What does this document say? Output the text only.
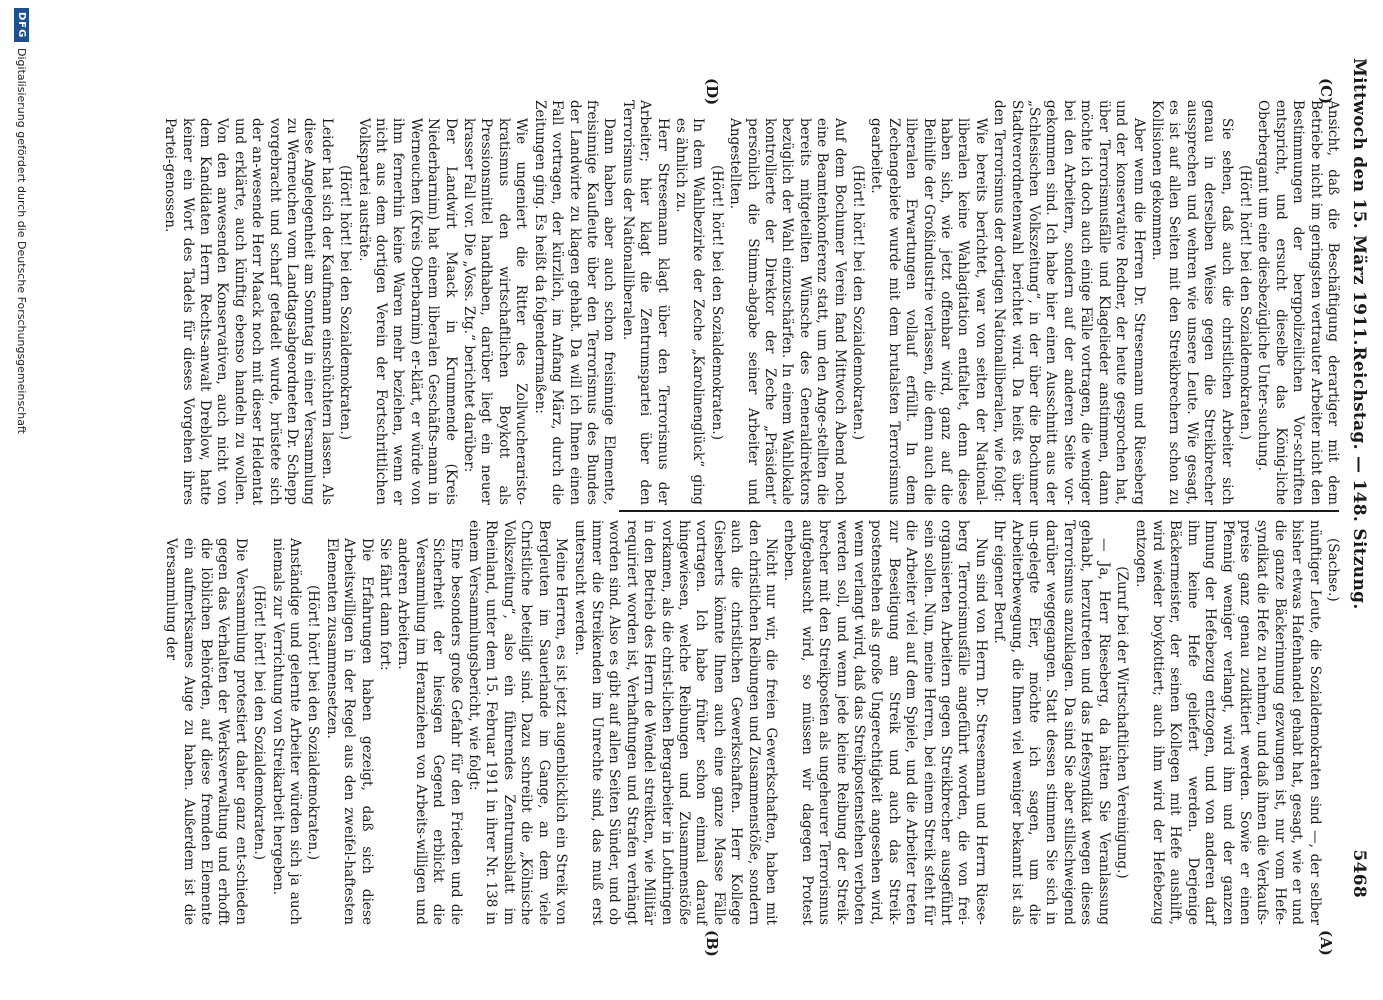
Mittwoch den 15. März 1911.
Reichstag. — 148. Sitzung.
5468
(A)
(B)
(C)
(D)

(Sachse.)

nünftiger Leute, die Sozialdemokraten sind —, der selber bisher etwas Hafenhandel gehabt hat, gesagt, wie er und die ganze Bäckerinnung gezwungen ist, nur vom Hefe-syndikat die Hefe zu nehmen, und daß ihnen die Verkaufs-preise ganz genau zudiktiert werden. Sowie er einen Pfennig weniger verlangt, wird ihm und der ganzen Innung der Hefebezug entzogen, und von anderen darf ihm keine Hefe geliefert werden. Derjenige Bäckermeister, der seinen Kollegen mit Hefe aushilft, wird wieder boykottiert; auch ihm wird der Hefebezug entzogen.

(Zuruf bei der Wirtschaftlichen Vereinigung.)

— Ja, Herr Rieseberg, da hätten Sie Veranlassung gehabt, herzutreten und das Hefesyndikat wegen dieses Terrorismus anzuklagen. Da sind Sie aber stillschweigend darüber weggegangen. Statt dessen stimmen Sie sich in un-gelegte Eier, möchte ich sagen, um die Arbeiterbewegung, die Ihnen viel weniger bekannt ist als Ihr eigener Beruf.

Nun sind von Herrn Dr. Stresemann und Herrn Riese-berg Terrorismusfälle angeführt worden, die von frei-organisierten Arbeitern gegen Streikbrecher ausgeführt sein sollen. Nun, meine Herren, bei einem Streik steht für die Arbeiter viel auf dem Spiele, und die Arbeiter treten zur Beseitigung am Streik und auch das Streik-postenstehen als große Ungerechtigkeit angesehen wird, wenn verlangt wird, daß das Streikpostenstehen verboten werden soll, und wenn jede kleine Reibung der Streik-brecher mit den Streikposten als ungeheurer Terrorismus aufgebauscht wird, so müssen wir dagegen Protest erheben.

Nicht nur wir, die freien Gewerkschaften, haben mit den christlichen Reibungen und Zusammenstöße, sondern auch die christlichen Gewerkschaften. Herr Kollege Giesberts könnte Ihnen auch eine ganze Masse Fälle vortragen. Ich habe früher schon einmal darauf hingewiesen, welche Reibungen und Zusammenstöße vorkamen, als die christ-lichen Bergarbeiter in Lothringen in den Betrieb des Herrn de Wendel streikten, wie Militär requiriert worden ist, Verhaftungen und Strafen verhängt worden sind. Also es gibt auf allen Seiten Sünder, und ob immer die Streikenden im Unrechte sind, das muß erst untersucht werden.

Meine Herren, es ist jetzt augenblicklich ein Streik von Bergleuten im Sauerlande im Gange, an dem viele Christliche beteiligt sind. Dazu schreibt die „Kölnische Volkszeitung“, also ein führendes Zentrumsblatt im Rheinland, unter dem 15. Februar 1911 in ihrer Nr. 138 in einem Versammlungsbericht, wie folgt:

Eine besonders große Gefahr für den Frieden und die Sicherheit der hiesigen Gegend erblickt die Versammlung im Heranziehen von Arbeits-willigen und anderen Arbeitern.

Sie fährt dann fort:

Die Erfahrungen haben gezeigt, daß sich diese Arbeitswilligen in der Regel aus den zweifel-haftesten Elementen zusammensetzen.

(Hört! hört! bei den Sozialdemokraten.)

Anständige und gelernte Arbeiter würden sich ja auch niemals zur Verrichtung von Streikarbeit hergeben.

(Hört! hört! bei den Sozialdemokraten.)

Die Versammlung protestiert daher ganz ent-schieden gegen das Verhalten der Werksverwaltung und erhofft die löblichen Behörden, auf diese fremden Elemente ein aufmerksames Auge zu haben. Außerdem ist die Versammlung der

Ansicht, daß die Beschäftigung derartiger mit dem Betriebe nicht im geringsten vertrauter Arbeiter nicht den Bestimmungen der bergpolizeilichen Vor-schriften entspricht, und ersucht dieselbe das König-liche Oberbergamt um eine diesbezügliche Unter-suchung.

(Hört! hört! bei den Sozialdemokraten.)

Sie sehen, daß auch die christlichen Arbeiter sich genau in derselben Weise gegen die Streikbrecher aussprechen und wehren wie unsere Leute. Wie gesagt, es ist auf allen Seiten mit den Streikbrechern schon zu Kollisionen gekommen.

Aber wenn die Herren Dr. Stresemann und Rieseberg und der konservative Redner, der heute gesprochen hat, über Terrorismusfälle und Klagelieder anstimmen, dann möchte ich doch auch einige Fälle vortragen, die weniger bei den Arbeitern, sondern auf der anderen Seite vor-gekommen sind. Ich habe hier einen Ausschnitt aus der „Schlesischen Volkszeitung“, in der über die Bochumer Stadtverordnetenwahl berichtet wird. Da heißt es über den Terrorismus der dortigen Nationalliberalen, wie folgt:

Wie bereits berichtet, war von seiten der National-liberalen keine Wahlagitation entfaltet, denn diese haben sich, wie jetzt offenbar wird, ganz auf die Beihilfe der Großindustrie verlassen, die denn auch die liberalen Erwartungen vollauf erfüllt. In dem Zechengebiete wurde mit dem brutalsten Terrorismus gearbeitet.

(Hört! hört! bei den Sozialdemokraten.)

Auf dem Bochumer Verein fand Mittwoch Abend noch eine Beamtenkonferenz statt, um den Ange-stellten die bereits mitgeteilten Wünsche des Generaldirektors bezüglich der Wahl einzuschärfen. In einem Wahllokale kontrollierte der Direktor der Zeche „Präsident“ persönlich die Stimm-abgabe seiner Arbeiter und Angestellten.

(Hört! hört! bei den Sozialdemokraten.)

In dem Wahlbezirke der Zeche „Karolinenglück“ ging es ähnlich zu.

Herr Stresemann klagt über den Terrorismus der Arbeiter; hier klagt die Zentrumspartei über den Terrorismus der Nationalliberalen.

Dann haben aber auch schon freisinnige Elemente, freisinnige Kaufleute über den Terrorismus des Bundes der Landwirte zu klagen gehabt. Da will ich Ihnen einen Fall vortragen, der kürzlich, im Anfang März, durch die Zeitungen ging. Es heißt da folgendermaßen:

Wie ungeniert die Ritter des Zollwucheraristo-kratismus den wirtschaftlichen Boykott als Pressionsmittel handhaben, darüber liegt ein neuer krasser Fall vor. Die „Voss. Ztg.“ berichtet darüber:

Der Landwirt Maack in Krummende (Kreis Niederbarnim) hat einem liberalen Geschäfts-mann in Werneuchen (Kreis Oberbarnim) er-klärt, er würde von ihm fernerhin keine Waren mehr beziehen, wenn er nicht aus dem dortigen Verein der Fortschrittlichen Volkspartei austräte.

(Hört! hört! bei den Sozialdemokraten.)

Leider hat sich der Kaufmann einschüchtern lassen. Als diese Angelegenheit am Sonntag in einer Versammlung zu Werneuchen vom Landtagsabgeordneten Dr. Schepp vorgebracht und scharf getadelt wurde, brüstete sich der an-wesende Herr Maack noch mit dieser Heldentat und erklärte, auch künftig ebenso handeln zu wollen. Von den anwesenden Konservativen, auch nicht von dem Kandidaten Herrn Rechts-anwalt Dreblow, hatte keiner ein Wort des Tadels für dieses Vorgehen ihres Partei-genossen.

DFG
Digitalisierung gefördert durch die Deutsche Forschungsgemeinschaft
